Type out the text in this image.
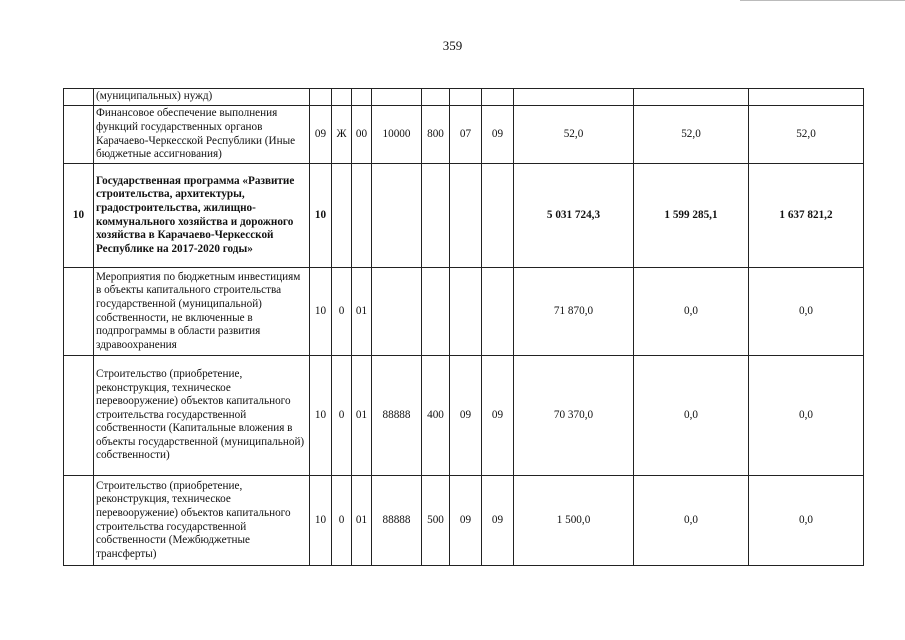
359
	(муниципальных) нужд)										
	Финансовое обеспечение выполнения функций государственных органов Карачаево-Черкесской Республики (Иные бюджетные ассигнования)	09	Ж	00	10000	800	07	09	52,0	52,0	52,0
10	Государственная программа «Развитие строительства, архитектуры, градостроительства, жилищно-коммунального хозяйства и дорожного хозяйства в Карачаево-Черкесской Республике на 2017-2020 годы»	10							5 031 724,3	1 599 285,1	1 637 821,2
	Мероприятия по бюджетным инвестициям в объекты капитального строительства государственной (муниципальной) собственности, не включенные в подпрограммы в области развития здравоохранения	10	0	01					71 870,0	0,0	0,0
	Строительство (приобретение, реконструкция, техническое перевооружение) объектов капитального строительства государственной собственности (Капитальные вложения в объекты государственной (муниципальной) собственности)	10	0	01	88888	400	09	09	70 370,0	0,0	0,0
	Строительство (приобретение, реконструкция, техническое перевооружение) объектов капитального строительства государственной собственности (Межбюджетные трансферты)	10	0	01	88888	500	09	09	1 500,0	0,0	0,0
